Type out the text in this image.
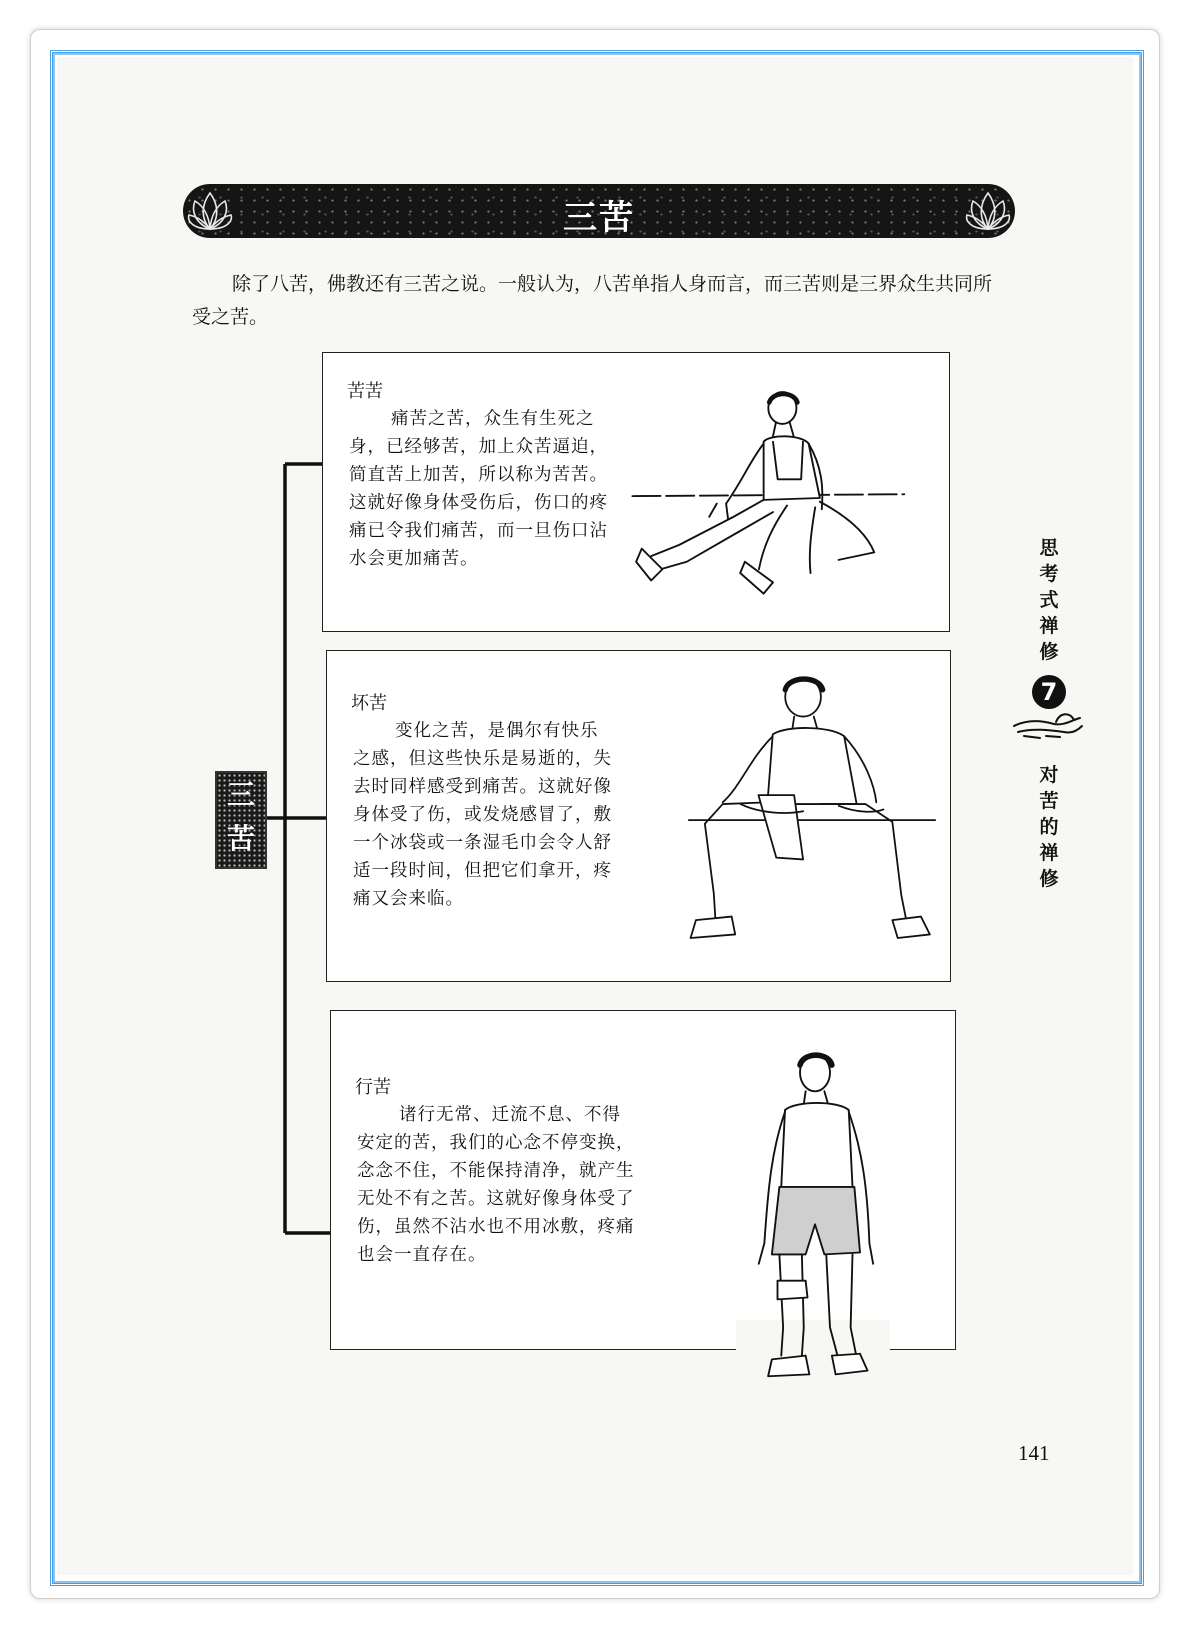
三苦
除了八苦，佛教还有三苦之说。一般认为，八苦单指人身而言，而三苦则是三界众生共同所受之苦。
三
苦
苦苦
痛苦之苦，众生有生死之身，已经够苦，加上众苦逼迫，简直苦上加苦，所以称为苦苦。这就好像身体受伤后，伤口的疼痛已令我们痛苦，而一旦伤口沾水会更加痛苦。
坏苦
变化之苦，是偶尔有快乐之感，但这些快乐是易逝的，失去时同样感受到痛苦。这就好像身体受了伤，或发烧感冒了，敷一个冰袋或一条湿毛巾会令人舒适一段时间，但把它们拿开，疼痛又会来临。
行苦
诸行无常、迁流不息、不得安定的苦，我们的心念不停变换，念念不住，不能保持清净，就产生无处不有之苦。这就好像身体受了伤，虽然不沾水也不用冰敷，疼痛也会一直存在。
思考式禅修
7
对苦的禅修
141
